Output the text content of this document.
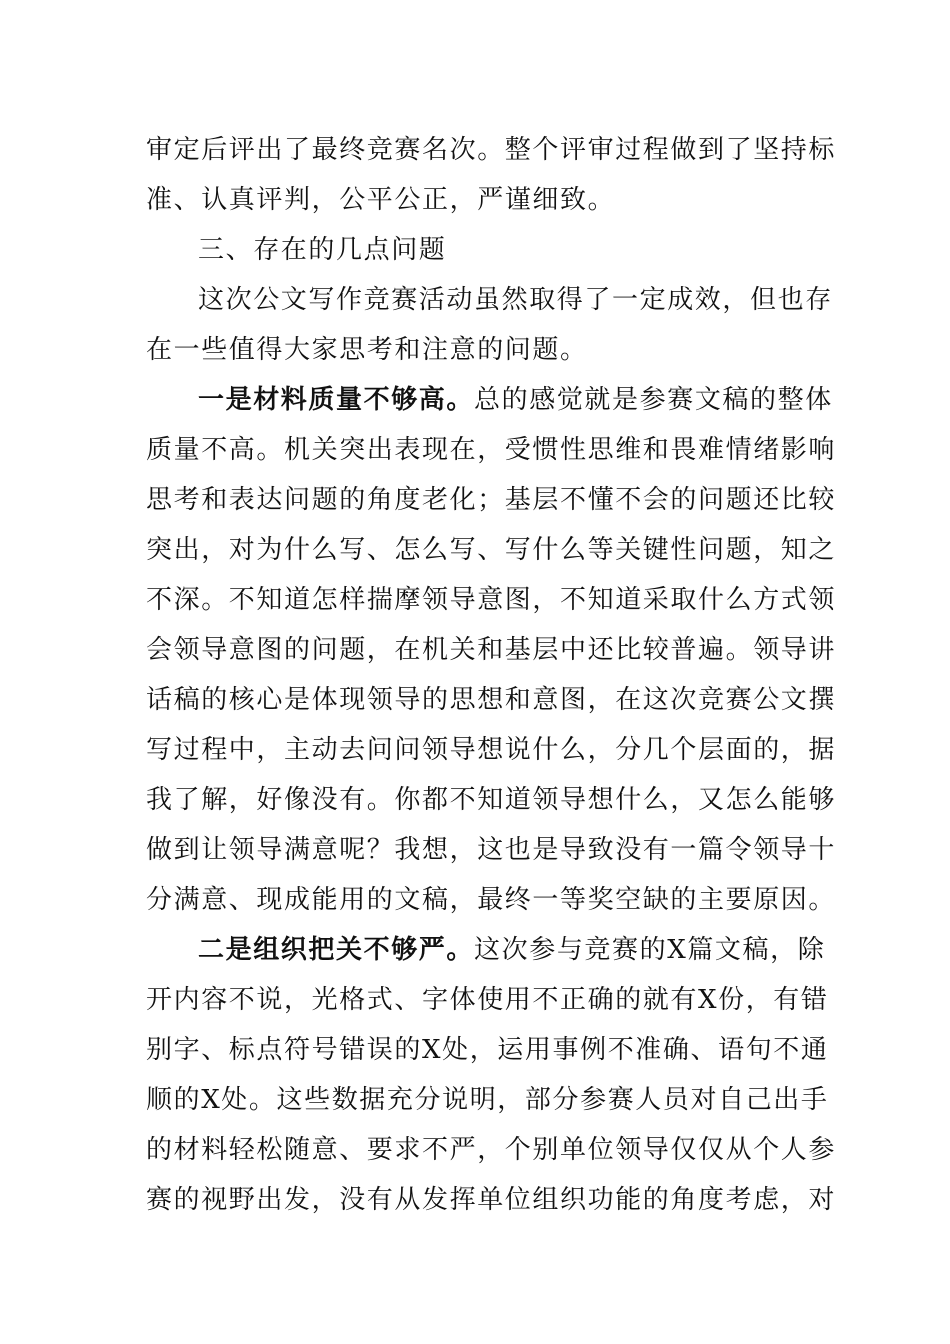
审定后评出了最终竞赛名次。整个评审过程做到了坚持标
准、认真评判，公平公正，严谨细致。
三、存在的几点问题
这次公文写作竞赛活动虽然取得了一定成效，但也存
在一些值得大家思考和注意的问题。
一是材料质量不够高。总的感觉就是参赛文稿的整体
质量不高。机关突出表现在，受惯性思维和畏难情绪影响
思考和表达问题的角度老化；基层不懂不会的问题还比较
突出，对为什么写、怎么写、写什么等关键性问题，知之
不深。不知道怎样揣摩领导意图，不知道采取什么方式领
会领导意图的问题，在机关和基层中还比较普遍。领导讲
话稿的核心是体现领导的思想和意图，在这次竞赛公文撰
写过程中，主动去问问领导想说什么，分几个层面的，据
我了解，好像没有。你都不知道领导想什么，又怎么能够
做到让领导满意呢？我想，这也是导致没有一篇令领导十
分满意、现成能用的文稿，最终一等奖空缺的主要原因。
二是组织把关不够严。这次参与竞赛的X篇文稿，除
开内容不说，光格式、字体使用不正确的就有X份，有错
别字、标点符号错误的X处，运用事例不准确、语句不通
顺的X处。这些数据充分说明，部分参赛人员对自己出手
的材料轻松随意、要求不严，个别单位领导仅仅从个人参
赛的视野出发，没有从发挥单位组织功能的角度考虑，对
